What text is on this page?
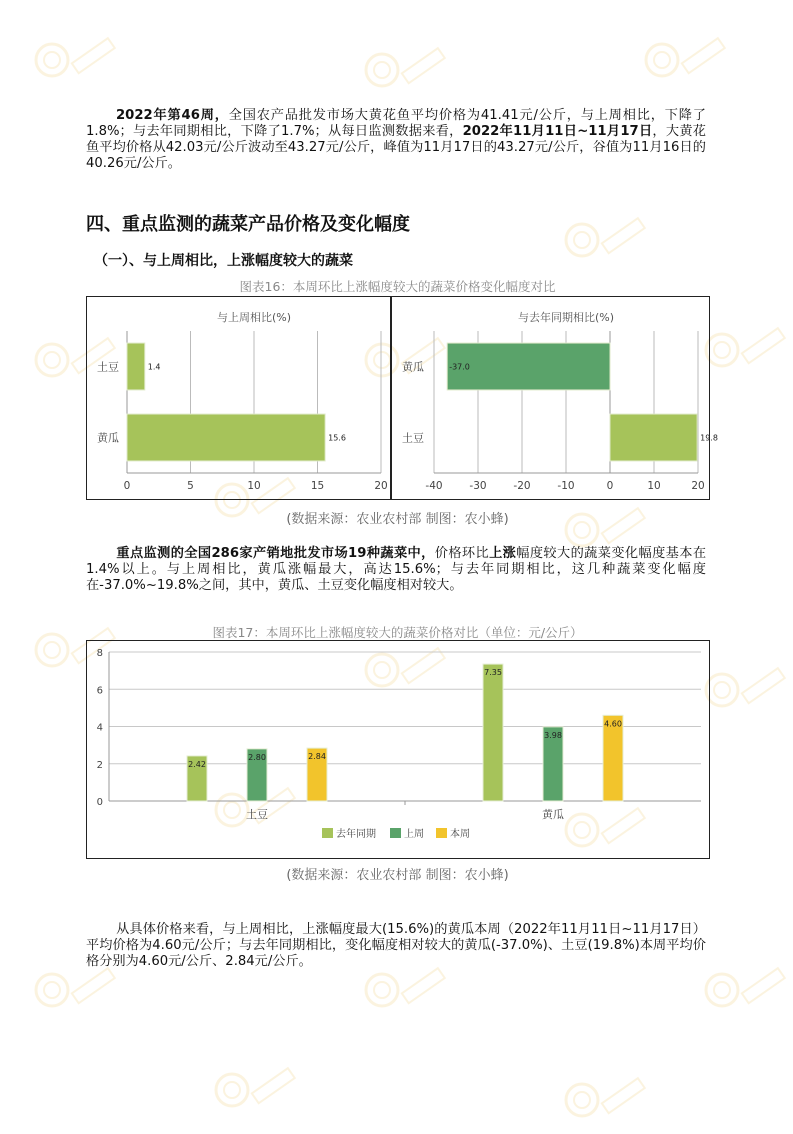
2022年第46周，全国农产品批发市场大黄花鱼平均价格为41.41元/公斤，与上周相比，下降了1.8%；与去年同期相比，下降了1.7%；从每日监测数据来看，2022年11月11日~11月17日，大黄花鱼平均价格从42.03元/公斤波动至43.27元/公斤，峰值为11月17日的43.27元/公斤，谷值为11月16日的40.26元/公斤。

四、重点监测的蔬菜产品价格及变化幅度
（一）、与上周相比，上涨幅度较大的蔬菜

图表16：本周环比上涨幅度较大的蔬菜价格变化幅度对比

与上周相比(%)
0	5	10	15	20
土豆	1.4
黄瓜	15.6
与去年同期相比(%)
-40	-30	-20	-10	0	10	20
黄瓜	-37.0
土豆	19.8

(数据来源：农业农村部 制图：农小蜂)

重点监测的全国286家产销地批发市场19种蔬菜中，价格环比上涨幅度较大的蔬菜变化幅度基本在1.4%以上。与上周相比，黄瓜涨幅最大，高达15.6%；与去年同期相比，这几种蔬菜变化幅度在-37.0%~19.8%之间，其中，黄瓜、土豆变化幅度相对较大。

图表17：本周环比上涨幅度较大的蔬菜价格对比（单位：元/公斤）

0
2
4
6
8
2.42
2.80	2.84
土豆
7.35
3.98
4.60
黄瓜
去年同期	上周	本周

(数据来源：农业农村部 制图：农小蜂)

从具体价格来看，与上周相比，上涨幅度最大(15.6%)的黄瓜本周（2022年11月11日~11月17日）平均价格为4.60元/公斤；与去年同期相比，变化幅度相对较大的黄瓜(-37.0%)、土豆(19.8%)本周平均价格分别为4.60元/公斤、2.84元/公斤。
